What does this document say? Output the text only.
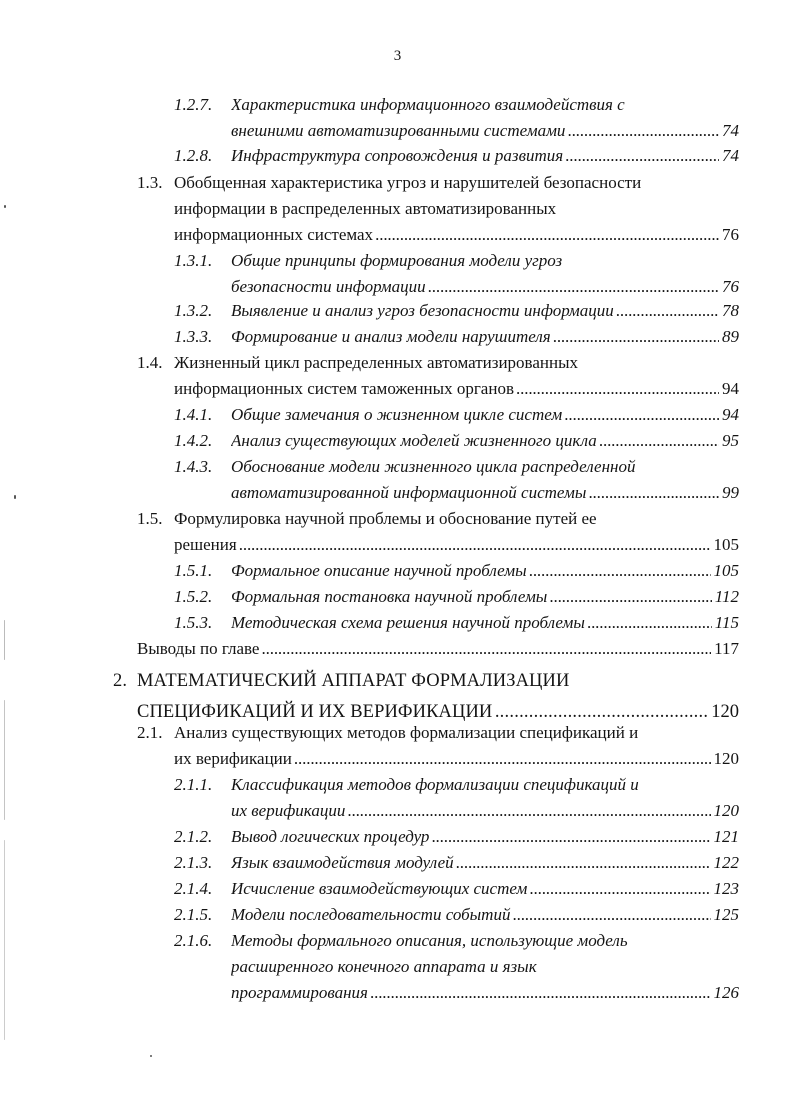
3
1.2.7. Характеристика информационного взаимодействия с
внешними автоматизированными системами . . .	74
1.2.8. Инфраструктура сопровождения и развития . . .	74
1.3. Обобщенная характеристика угроз и нарушителей безопасности
информации в распределенных автоматизированных
информационных системах . . .	76
1.3.1. Общие принципы формирования модели угроз
безопасности информации . . .	76
1.3.2. Выявление и анализ угроз безопасности информации . . .	78
1.3.3. Формирование и анализ модели нарушителя . . .	89
1.4. Жизненный цикл распределенных автоматизированных
информационных систем таможенных органов . . .	94
1.4.1. Общие замечания о жизненном цикле систем . . .	94
1.4.2. Анализ существующих моделей жизненного цикла . . .	95
1.4.3. Обоснование модели жизненного цикла распределенной
автоматизированной информационной системы . . .	99
1.5. Формулировка научной проблемы и обоснование путей ее
решения . . .	105
1.5.1. Формальное описание научной проблемы . . .	105
1.5.2. Формальная постановка научной проблемы . . .	112
1.5.3. Методическая схема решения научной проблемы . . .	115
Выводы по главе . . .	117
2. МАТЕМАТИЧЕСКИЙ АППАРАТ ФОРМАЛИЗАЦИИ
СПЕЦИФИКАЦИЙ И ИХ ВЕРИФИКАЦИИ . . .	120
2.1. Анализ существующих методов формализации спецификаций и
их верификации . . .	120
2.1.1. Классификация методов формализации спецификаций и
их верификации . . .	120
2.1.2. Вывод логических процедур . . .	121
2.1.3. Язык взаимодействия модулей . . .	122
2.1.4. Исчисление взаимодействующих систем . . .	123
2.1.5. Модели последовательности событий . . .	125
2.1.6. Методы формального описания, использующие модель
расширенного конечного аппарата и язык
программирования . . .	126
